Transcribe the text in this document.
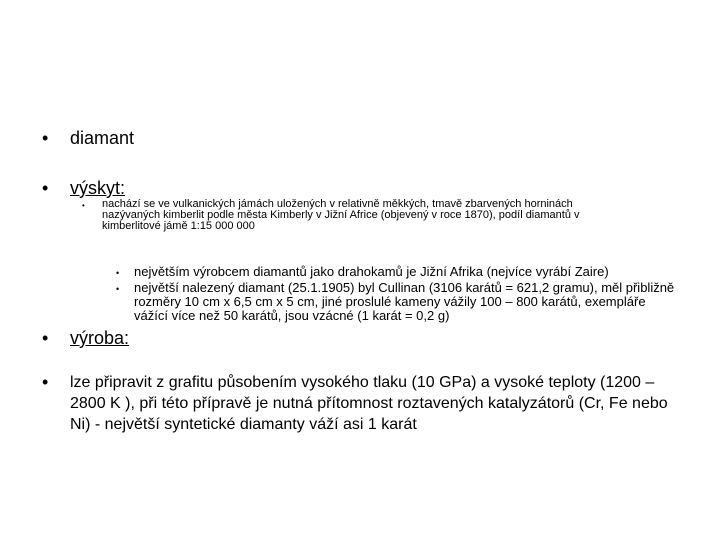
• diamant
• výskyt:
• nachází se ve vulkanických jámách uložených v relativně měkkých, tmavě zbarvených horninách nazývaných kimberlit podle města Kimberly v Jižní Africe (objevený v roce 1870), podíl diamantů v kimberlitové jámě 1:15 000 000
• největším výrobcem diamantů jako drahokamů je Jižní Afrika (nejvíce vyrábí Zaire)
• největší nalezený diamant (25.1.1905) byl Cullinan (3106 karátů = 621,2 gramu), měl přibližně rozměry 10 cm x 6,5 cm x 5 cm, jiné proslulé kameny vážily 100 – 800 karátů, exempláře vážící více než 50 karátů, jsou vzácné (1 karát = 0,2 g)
• výroba:
• lze připravit z grafitu působením vysokého tlaku (10 GPa) a vysoké teploty (1200 – 2800 K ), při této přípravě je nutná přítomnost roztavených katalyzátorů (Cr, Fe nebo Ni) - největší syntetické diamanty váží asi 1 karát
